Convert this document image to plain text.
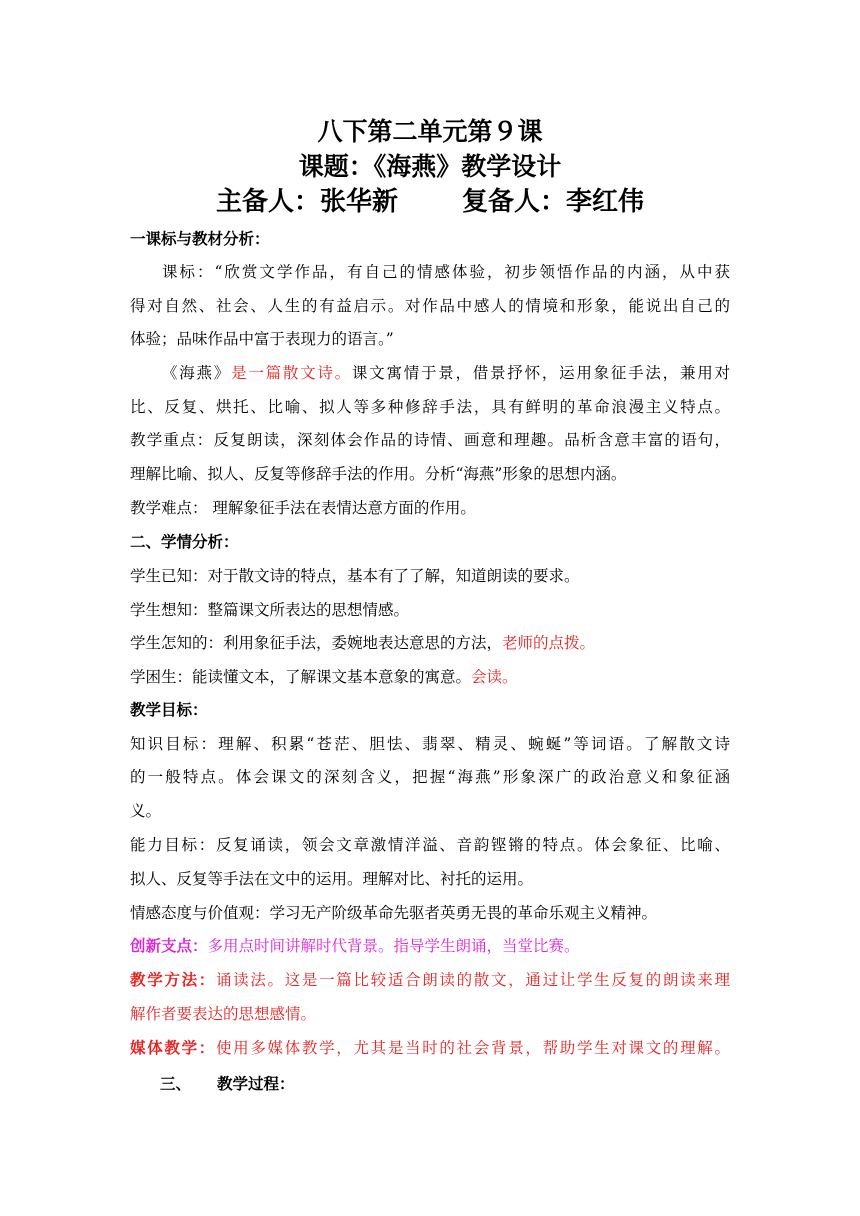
八下第二单元第９课
课题：《海燕》教学设计
主备人：张华新 复备人：李红伟
一课标与教材分析：
课标：“欣赏文学作品，有自己的情感体验，初步领悟作品的内涵，从中获
得对自然、社会、人生的有益启示。对作品中感人的情境和形象，能说出自己的
体验；品味作品中富于表现力的语言。”
《海燕》是一篇散文诗。课文寓情于景，借景抒怀，运用象征手法，兼用对
比、反复、烘托、比喻、拟人等多种修辞手法，具有鲜明的革命浪漫主义特点。
教学重点：反复朗读，深刻体会作品的诗情、画意和理趣。品析含意丰富的语句，
理解比喻、拟人、反复等修辞手法的作用。分析“海燕”形象的思想内涵。
教学难点： 理解象征手法在表情达意方面的作用。
二、学情分析：
学生已知：对于散文诗的特点，基本有了了解，知道朗读的要求。
学生想知：整篇课文所表达的思想情感。
学生怎知的：利用象征手法，委婉地表达意思的方法，老师的点拨。
学困生：能读懂文本，了解课文基本意象的寓意。会读。
教学目标：
知识目标：理解、积累“苍茫、胆怯、翡翠、精灵、蜿蜒”等词语。了解散文诗
的一般特点。体会课文的深刻含义，把握“海燕”形象深广的政治意义和象征涵
义。
能力目标：反复诵读，领会文章激情洋溢、音韵铿锵的特点。体会象征、比喻、
拟人、反复等手法在文中的运用。理解对比、衬托的运用。
情感态度与价值观：学习无产阶级革命先驱者英勇无畏的革命乐观主义精神。
创新支点：多用点时间讲解时代背景。指导学生朗诵，当堂比赛。
教学方法：诵读法。这是一篇比较适合朗读的散文，通过让学生反复的朗读来理
解作者要表达的思想感情。
媒体教学：使用多媒体教学，尤其是当时的社会背景，帮助学生对课文的理解。
三、 教学过程：
